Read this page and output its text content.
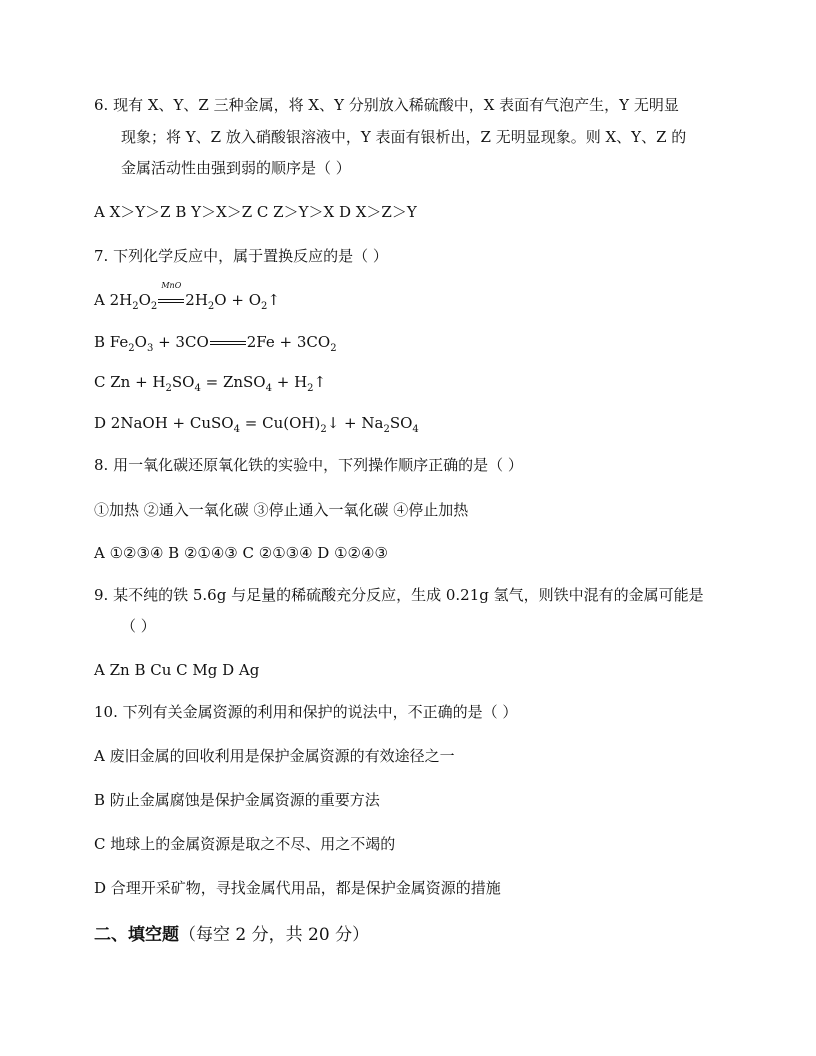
6. 现有 X、Y、Z 三种金属，将 X、Y 分别放入稀硫酸中，X 表面有气泡产生，Y 无明显
现象；将 Y、Z 放入硝酸银溶液中，Y 表面有银析出，Z 无明显现象。则 X、Y、Z 的
金属活动性由强到弱的顺序是（ ）
A X＞Y＞Z B Y＞X＞Z C Z＞Y＞X D X＞Z＞Y
7. 下列化学反应中，属于置换反应的是（ ）
A $2H_2O_2$
MnO
$2H_2O$ + $O_2↑$
B $Fe_2O_3 + 3CO$	$2Fe + 3CO_2$
C $Zn + H_2SO_4$ = ZnSO$_4$ + $H_2↑$
D 2NaOH + CuSO$_4$ = $Cu(OH)_2↓ + Na_2SO_4$
8. 用一氧化碳还原氧化铁的实验中，下列操作顺序正确的是（ ）
①加热 ②通入一氧化碳 ③停止通入一氧化碳 ④停止加热
A ①②③④ B ②①④③ C ②①③④ D ①②④③
9. 某不纯的铁 5.6g 与足量的稀硫酸充分反应，生成 0.21g 氢气，则铁中混有的金属可能是
（ ）
A Zn B Cu C Mg D Ag
10. 下列有关金属资源的利用和保护的说法中，不正确的是（ ）
A 废旧金属的回收利用是保护金属资源的有效途径之一
B 防止金属腐蚀是保护金属资源的重要方法
C 地球上的金属资源是取之不尽、用之不竭的
D 合理开采矿物，寻找金属代用品，都是保护金属资源的措施
二、填空题（每空 2 分，共 20 分）
